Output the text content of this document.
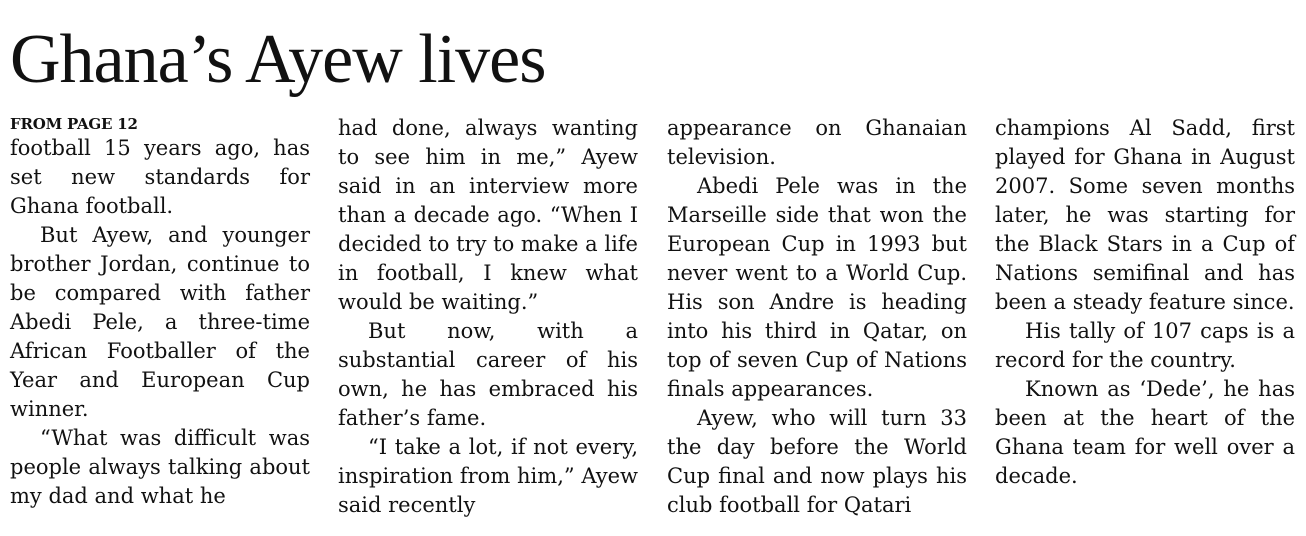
Ghana’s Ayew lives
FROM PAGE 12

football 15 years ago, has set new standards for Ghana football.

But Ayew, and younger brother Jordan, continue to be compared with father Abedi Pele, a three-time African Footballer of the Year and European Cup winner.

“What was difficult was people always talking about my dad and what he

had done, always wanting to see him in me,” Ayew said in an interview more than a decade ago. “When I decided to try to make a life in football, I knew what would be waiting.”

But now, with a substantial career of his own, he has embraced his father’s fame.

“I take a lot, if not every, inspiration from him,” Ayew said recently

appearance on Ghanaian television.

Abedi Pele was in the Marseille side that won the European Cup in 1993 but never went to a World Cup. His son Andre is heading into his third in Qatar, on top of seven Cup of Nations finals appearances.

Ayew, who will turn 33 the day before the World Cup final and now plays his club football for Qatari

champions Al Sadd, first played for Ghana in August 2007. Some seven months later, he was starting for the Black Stars in a Cup of Nations semifinal and has been a steady feature since.

His tally of 107 caps is a record for the country.

Known as ‘Dede’, he has been at the heart of the Ghana team for well over a decade.
